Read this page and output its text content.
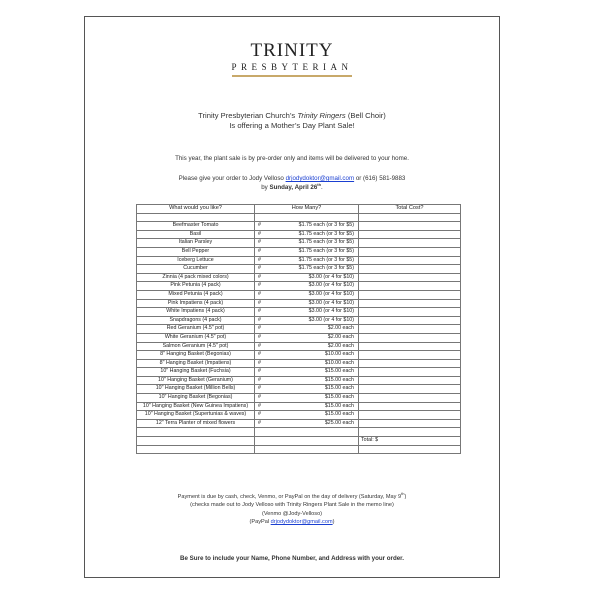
TRINITY
PRESBYTERIAN
Trinity Presbyterian Church’s Trinity Ringers (Bell Choir)
Is offering a Mother’s Day Plant Sale!
This year, the plant sale is by pre-order only and items will be delivered to your home.
Please give your order to Jody Velloso drjodydoktor@gmail.com or (616) 581-9883
by Sunday, April 26th.
What would you like?	How Many?	Total Cost?

Beefmaster Tomato	# $1.75 each (or 3 for $5)	

Basil	# $1.75 each (or 3 for $5)	

Italian Parsley	# $1.75 each (or 3 for $5)	

Bell Pepper	# $1.75 each (or 3 for $5)	

Iceberg Lettuce	# $1.75 each (or 3 for $5)	

Cucumber	# $1.75 each (or 3 for $5)	

Zinnia (4 pack mixed colors)	# $3.00 (or 4 for $10)	

Pink Petunia (4 pack)	# $3.00 (or 4 for $10)	

Mixed Petunia (4 pack)	# $3.00 (or 4 for $10)	

Pink Impatiens (4 pack)	# $3.00 (or 4 for $10)	

White Impatiens (4 pack)	# $3.00 (or 4 for $10)	

Snapdragons (4 pack)	# $3.00 (or 4 for $10)	

Red Geranium (4.5" pot)	# $2.00 each	

White Geranium (4.5" pot)	# $2.00 each	

Salmon Geranium (4.5" pot)	# $2.00 each	

8" Hanging Basket (Begonias)	# $10.00 each	

8" Hanging Basket (Impatiens)	# $10.00 each	

10" Hanging Basket (Fuchsia)	# $15.00 each	

10" Hanging Basket (Geranium)	# $15.00 each	

10" Hanging Basket (Million Bells)	# $15.00 each	

10" Hanging Basket (Begonias)	# $15.00 each	

10" Hanging Basket (New Guinea Impatiens)	# $15.00 each	

10" Hanging Basket (Supertunias & waves)	# $15.00 each	

12" Terra Planter of mixed flowers	# $25.00 each	

		Total: $

Payment is due by cash, check, Venmo, or PayPal on the day of delivery (Saturday, May 9th)
(checks made out to Jody Velloso with Trinity Ringers Plant Sale in the memo line)
(Venmo @Jody-Velloso)
(PayPal drjodydoktor@gmail.com)
Be Sure to include your Name, Phone Number, and Address with your order.
